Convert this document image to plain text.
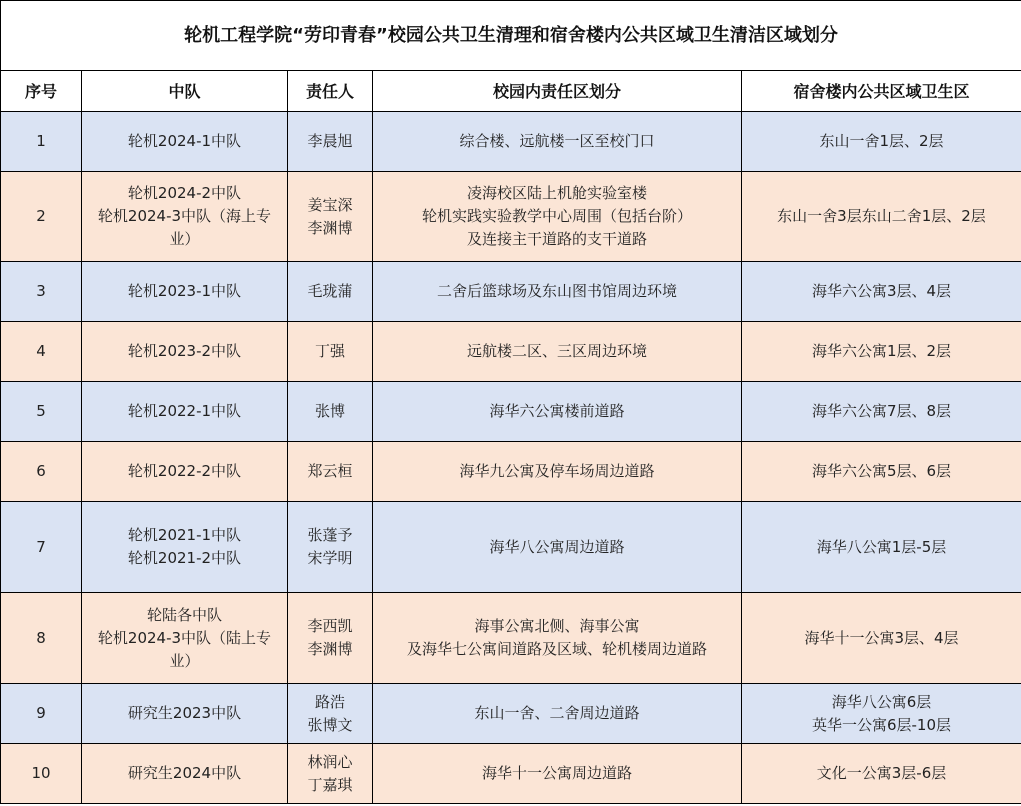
轮机工程学院“劳印青春”校园公共卫生清理和宿舍楼内公共区域卫生清洁区域划分				
序号	中队	责任人	校园内责任区划分	宿舍楼内公共区域卫生区
1	轮机2024-1中队	李晨旭	综合楼、远航楼一区至校门口	东山一舍1层、2层

2	轮机2024-2中队
轮机2024-3中队（海上专
业）	姜宝深
李渊博	凌海校区陆上机舱实验室楼
轮机实践实验教学中心周围（包括台阶）
及连接主干道路的支干道路	东山一舍3层东山二舍1层、2层

3	轮机2023-1中队	毛珑蒲	二舍后篮球场及东山图书馆周边环境	海华六公寓3层、4层

4	轮机2023-2中队	丁强	远航楼二区、三区周边环境	海华六公寓1层、2层

5	轮机2022-1中队	张博	海华六公寓楼前道路	海华六公寓7层、8层

6	轮机2022-2中队	郑云桓	海华九公寓及停车场周边道路	海华六公寓5层、6层

7	轮机2021-1中队
轮机2021-2中队	张蓬予
宋学明	海华八公寓周边道路	海华八公寓1层-5层

8	轮陆各中队
轮机2024-3中队（陆上专
业）	李西凯
李渊博	海事公寓北侧、海事公寓
及海华七公寓间道路及区域、轮机楼周边道路	海华十一公寓3层、4层

9	研究生2023中队	路浩
张博文	东山一舍、二舍周边道路	海华八公寓6层
英华一公寓6层-10层

10	研究生2024中队	林润心
丁嘉琪	海华十一公寓周边道路	文化一公寓3层-6层
